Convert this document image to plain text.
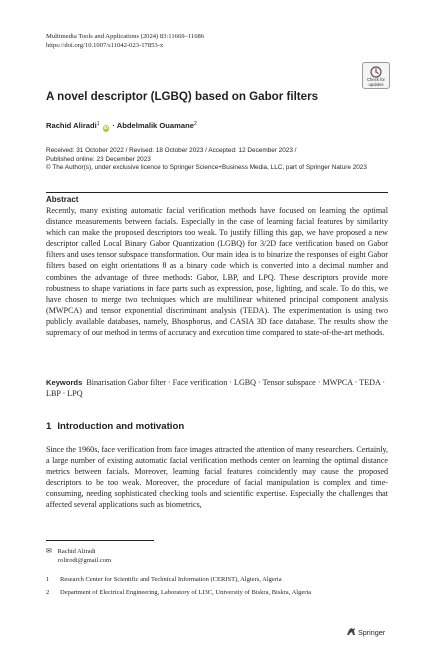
Multimedia Tools and Applications (2024) 83:11669–11686
https://doi.org/10.1007/s11042-023-17853-x
Check for
updates
A novel descriptor (LGBQ) based on Gabor filters
Rachid Aliradi$^1$ iD · Abdelmalik Ouamane$^2$
Received: 31 October 2022 / Revised: 18 October 2023 / Accepted: 12 December 2023 /
Published online: 23 December 2023
© The Author(s), under exclusive licence to Springer Science+Business Media, LLC, part of Springer Nature 2023
Abstract

Recently, many existing automatic facial verification methods have focused on learning the optimal distance measurements between facials. Especially in the case of learning facial features by similarity which can make the proposed descriptors too weak. To justify filling this gap, we have proposed a new descriptor called Local Binary Gabor Quantization (LGBQ) for 3/2D face verification based on Gabor filters and uses tensor subspace transformation. Our main idea is to binarize the responses of eight Gabor filters based on eight orientations θ as a binary code which is converted into a decimal number and combines the advantage of three methods: Gabor, LBP, and LPQ. These descriptors provide more robustness to shape variations in face parts such as expression, pose, lighting, and scale. To do this, we have chosen to merge two techniques which are multilinear whitened principal component analysis (MWPCA) and tensor exponential discriminant analysis (TEDA). The experimentation is using two publicly available databases, namely, Bhosphorus, and CASIA 3D face database. The results show the supremacy of our method in terms of accuracy and execution time compared to state-of-the-art methods.

Keywords Binarisation Gabor filter · Face verification · LGBQ · Tensor subspace · MWPCA · TEDA · LBP · LPQ

1 Introduction and motivation

Since the 1960s, face verification from face images attracted the attention of many researchers. Certainly, a large number of existing automatic facial verification methods center on learning the optimal distance metrics between facials. Moreover, learning facial features coincidently may cause the proposed descriptors to be too weak. Moreover, the procedure of facial manipulation is complex and time-consuming, needing sophisticated checking tools and scientific expertise. Especially the challenges that affected several applications such as biometrics,

✉ Rachid Aliradi
rolirodi@gmail.com
1 Research Center for Scientific and Technical Information (CERIST), Algiers, Algeria
2 Department of Electrical Engineering, Laboratory of LI3C, University of Biskra, Biskra, Algeria
Springer
